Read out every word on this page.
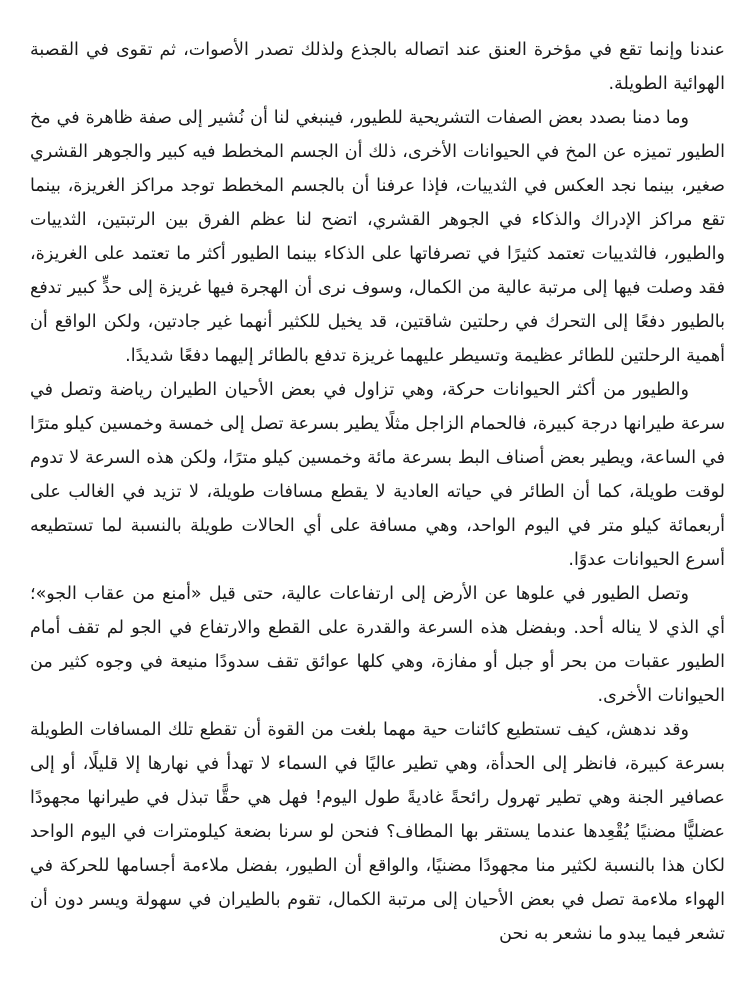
عندنا وإنما تقع في مؤخرة العنق عند اتصاله بالجذع ولذلك تصدر الأصوات، ثم تقوى في القصبة الهوائية الطويلة.

وما دمنا بصدد بعض الصفات التشريحية للطيور، فينبغي لنا أن نُشير إلى صفة ظاهرة في مخ الطيور تميزه عن المخ في الحيوانات الأخرى، ذلك أن الجسم المخطط فيه كبير والجوهر القشري صغير، بينما نجد العكس في الثدييات، فإذا عرفنا أن بالجسم المخطط توجد مراكز الغريزة، بينما تقع مراكز الإدراك والذكاء في الجوهر القشري، اتضح لنا عظم الفرق بين الرتبتين، الثدييات والطيور، فالثدييات تعتمد كثيرًا في تصرفاتها على الذكاء بينما الطيور أكثر ما تعتمد على الغريزة، فقد وصلت فيها إلى مرتبة عالية من الكمال، وسوف نرى أن الهجرة فيها غريزة إلى حدٍّ كبير تدفع بالطيور دفعًا إلى التحرك في رحلتين شاقتين، قد يخيل للكثير أنهما غير جادتين، ولكن الواقع أن أهمية الرحلتين للطائر عظيمة وتسيطر عليهما غريزة تدفع بالطائر إليهما دفعًا شديدًا.

والطيور من أكثر الحيوانات حركة، وهي تزاول في بعض الأحيان الطيران رياضة وتصل في سرعة طيرانها درجة كبيرة، فالحمام الزاجل مثلًا يطير بسرعة تصل إلى خمسة وخمسين كيلو مترًا في الساعة، ويطير بعض أصناف البط بسرعة مائة وخمسين كيلو مترًا، ولكن هذه السرعة لا تدوم لوقت طويلة، كما أن الطائر في حياته العادية لا يقطع مسافات طويلة، لا تزيد في الغالب على أربعمائة كيلو متر في اليوم الواحد، وهي مسافة على أي الحالات طويلة بالنسبة لما تستطيعه أسرع الحيوانات عدوًا.

وتصل الطيور في علوها عن الأرض إلى ارتفاعات عالية، حتى قيل «أمنع من عقاب الجو»؛ أي الذي لا يناله أحد. وبفضل هذه السرعة والقدرة على القطع والارتفاع في الجو لم تقف أمام الطيور عقبات من بحر أو جبل أو مفازة، وهي كلها عوائق تقف سدودًا منيعة في وجوه كثير من الحيوانات الأخرى.

وقد ندهش، كيف تستطيع كائنات حية مهما بلغت من القوة أن تقطع تلك المسافات الطويلة بسرعة كبيرة، فانظر إلى الحدأة، وهي تطير عاليًا في السماء لا تهدأ في نهارها إلا قليلًا، أو إلى عصافير الجنة وهي تطير تهرول رائحةً غاديةً طول اليوم! فهل هي حقًّا تبذل في طيرانها مجهودًا عضليًّا مضنيًا يُقْعِدها عندما يستقر بها المطاف؟ فنحن لو سرنا بضعة كيلومترات في اليوم الواحد لكان هذا بالنسبة لكثير منا مجهودًا مضنيًا، والواقع أن الطيور، بفضل ملاءمة أجسامها للحركة في الهواء ملاءمة تصل في بعض الأحيان إلى مرتبة الكمال، تقوم بالطيران في سهولة ويسر دون أن تشعر فيما يبدو ما نشعر به نحن
